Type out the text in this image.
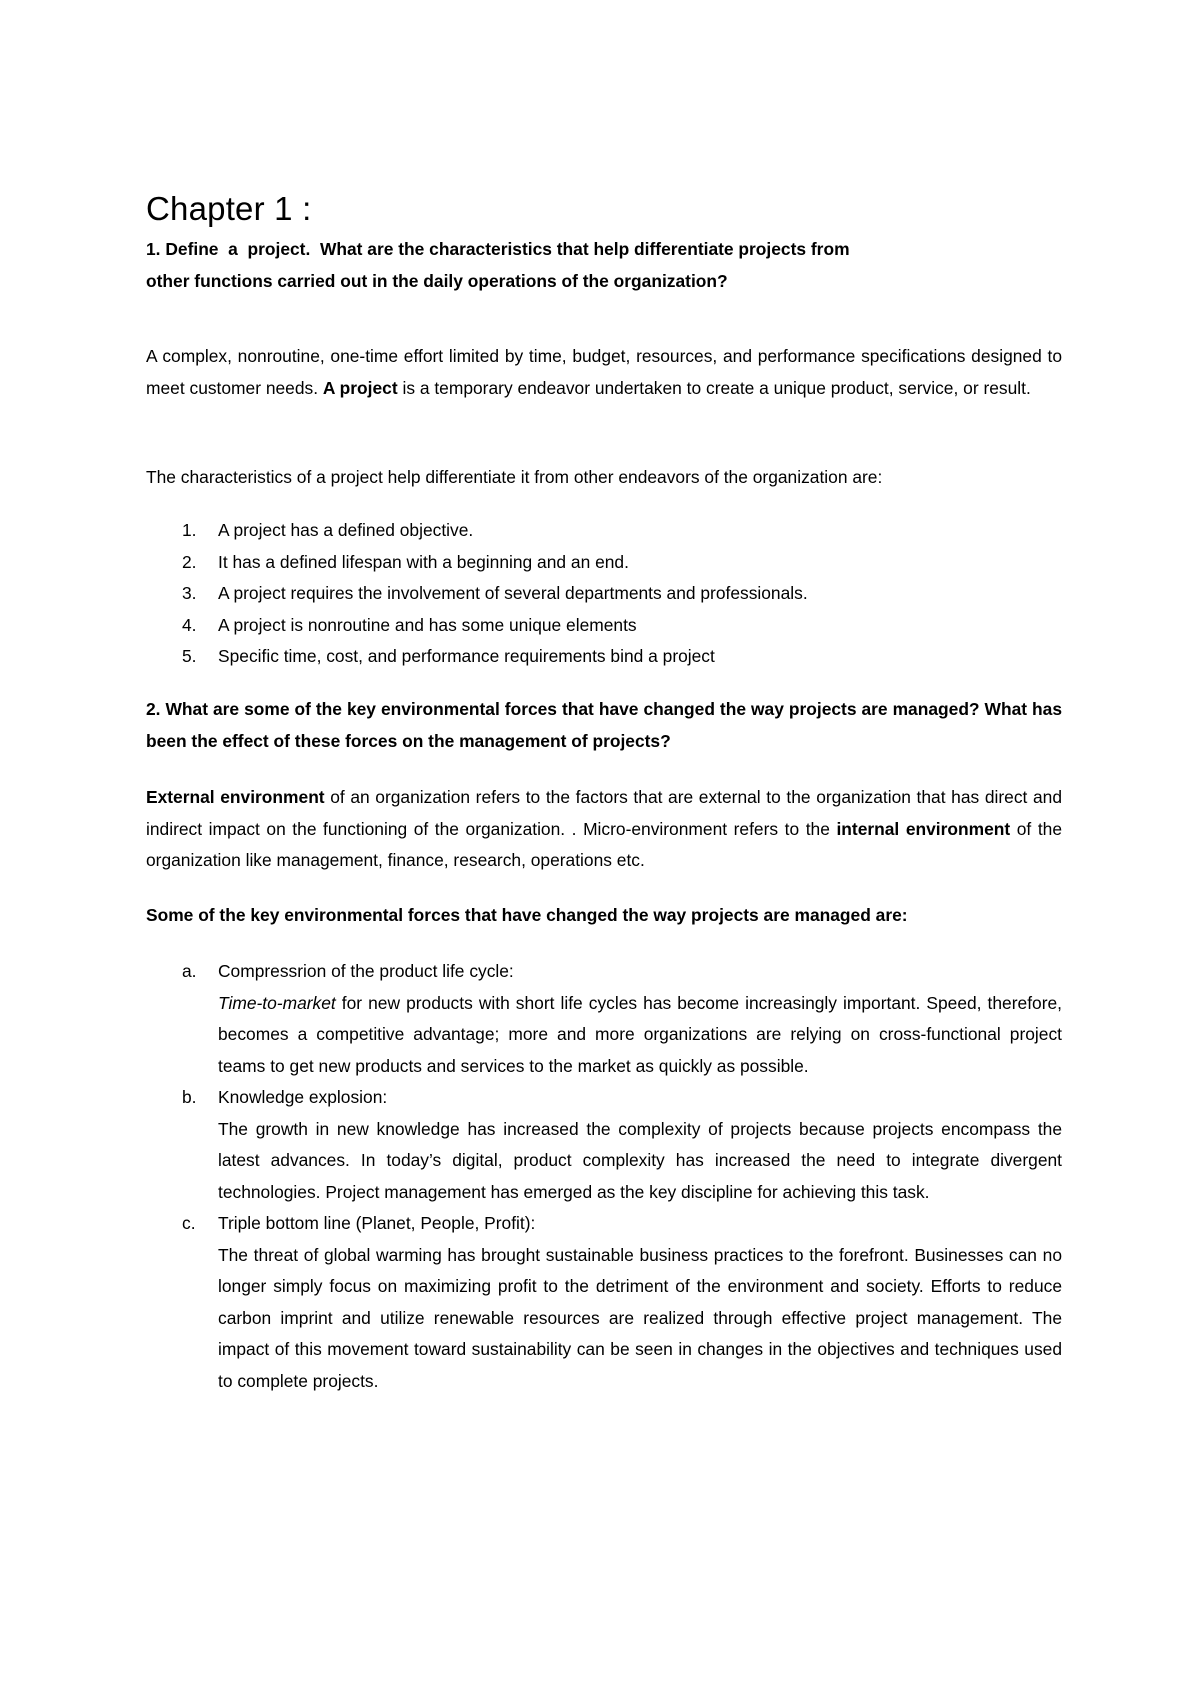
Chapter 1 :
1. Define  a  project.  What are the characteristics that help differentiate projects from
other functions carried out in the daily operations of the organization?
A complex, nonroutine, one-time effort limited by time, budget, resources, and performance specifications designed to meet customer needs. A project is a temporary endeavor undertaken to create a unique product, service, or result.
The characteristics of a project help differentiate it from other endeavors of the organization are:
1. A project has a defined objective.
2. It has a defined lifespan with a beginning and an end.
3. A project requires the involvement of several departments and professionals.
4. A project is nonroutine and has some unique elements
5. Specific time, cost, and performance requirements bind a project
2. What are some of the key environmental forces that have changed the way projects are managed? What has been the effect of these forces on the management of projects?
External environment of an organization refers to the factors that are external to the organization that has direct and indirect impact on the functioning of the organization. . Micro-environment refers to the internal environment of the organization like management, finance, research, operations etc.
Some of the key environmental forces that have changed the way projects are managed are:
a. Compressrion of the product life cycle:
Time-to-market for new products with short life cycles has become increasingly important. Speed, therefore, becomes a competitive advantage; more and more organizations are relying on cross-functional project teams to get new products and services to the market as quickly as possible.
b. Knowledge explosion:
The growth in new knowledge has increased the complexity of projects because projects encompass the latest advances. In today’s digital, product complexity has increased the need to integrate divergent technologies. Project management has emerged as the key discipline for achieving this task.
c. Triple bottom line (Planet, People, Profit):
The threat of global warming has brought sustainable business practices to the forefront. Businesses can no longer simply focus on maximizing profit to the detriment of the environment and society. Efforts to reduce carbon imprint and utilize renewable resources are realized through effective project management. The impact of this movement toward sustainability can be seen in changes in the objectives and techniques used to complete projects.
